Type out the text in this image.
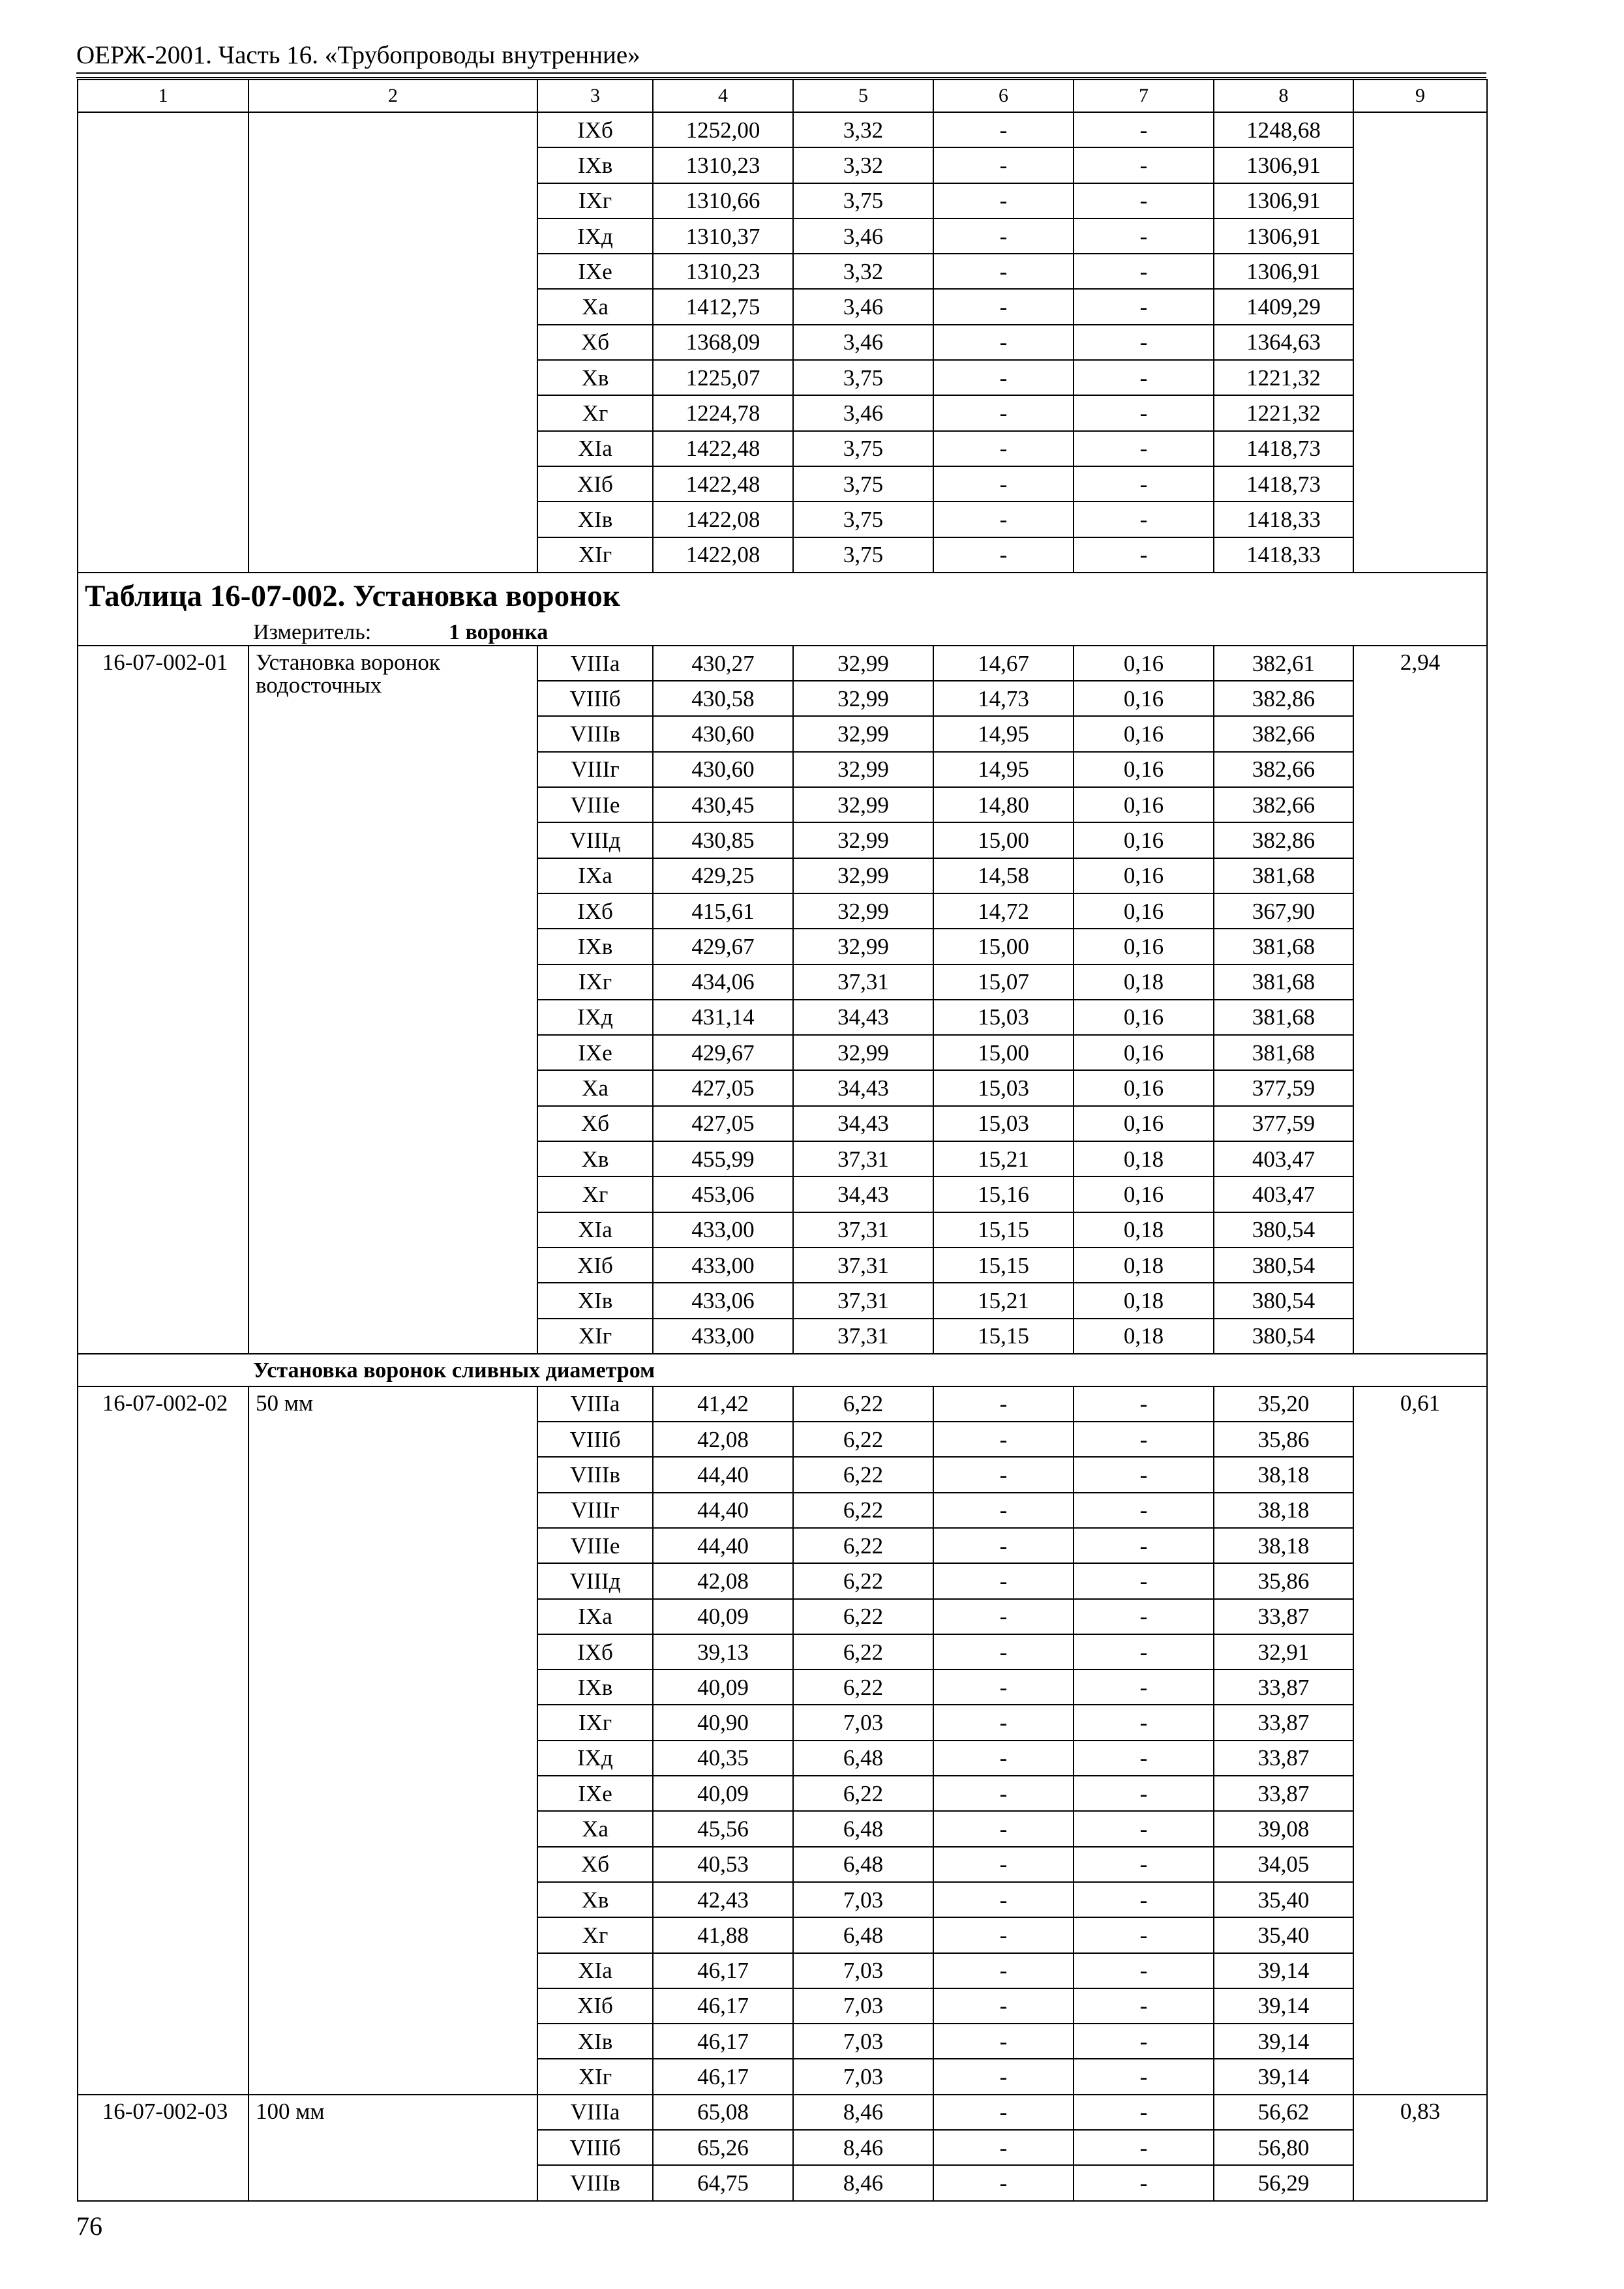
ОЕРЖ-2001. Часть 16. «Трубопроводы внутренние»
1	2	3	4	5	6	7	8	9
		IXб	1252,00	3,32	-	-	1248,68	
		IXв	1310,23	3,32	-	-	1306,91	
		IXг	1310,66	3,75	-	-	1306,91	
		IXд	1310,37	3,46	-	-	1306,91	
		IXе	1310,23	3,32	-	-	1306,91	
		Xа	1412,75	3,46	-	-	1409,29	
		Xб	1368,09	3,46	-	-	1364,63	
		Xв	1225,07	3,75	-	-	1221,32	
		Xг	1224,78	3,46	-	-	1221,32	
		XIа	1422,48	3,75	-	-	1418,73	
		XIб	1422,48	3,75	-	-	1418,73	
		XIв	1422,08	3,75	-	-	1418,33	
		XIг	1422,08	3,75	-	-	1418,33	

Таблица 16-07-002. Установка воронок								

Измеритель: 1 воронка								

16-07-002-01	Установка воронок водосточных	VIIIа	430,27	32,99	14,67	0,16	382,61	2,94
		VIIIб	430,58	32,99	14,73	0,16	382,86	
		VIIIв	430,60	32,99	14,95	0,16	382,66	
		VIIIг	430,60	32,99	14,95	0,16	382,66	
		VIIIе	430,45	32,99	14,80	0,16	382,66	
		VIIIд	430,85	32,99	15,00	0,16	382,86	
		IXа	429,25	32,99	14,58	0,16	381,68	
		IXб	415,61	32,99	14,72	0,16	367,90	
		IXв	429,67	32,99	15,00	0,16	381,68	
		IXг	434,06	37,31	15,07	0,18	381,68	
		IXд	431,14	34,43	15,03	0,16	381,68	
		IXе	429,67	32,99	15,00	0,16	381,68	
		Xа	427,05	34,43	15,03	0,16	377,59	
		Xб	427,05	34,43	15,03	0,16	377,59	
		Xв	455,99	37,31	15,21	0,18	403,47	
		Xг	453,06	34,43	15,16	0,16	403,47	
		XIа	433,00	37,31	15,15	0,18	380,54	
		XIб	433,00	37,31	15,15	0,18	380,54	
		XIв	433,06	37,31	15,21	0,18	380,54	
		XIг	433,00	37,31	15,15	0,18	380,54	

Установка воронок сливных диаметром								

16-07-002-02	50 мм	VIIIа	41,42	6,22	-	-	35,20	0,61
		VIIIб	42,08	6,22	-	-	35,86	
		VIIIв	44,40	6,22	-	-	38,18	
		VIIIг	44,40	6,22	-	-	38,18	
		VIIIе	44,40	6,22	-	-	38,18	
		VIIIд	42,08	6,22	-	-	35,86	
		IXа	40,09	6,22	-	-	33,87	
		IXб	39,13	6,22	-	-	32,91	
		IXв	40,09	6,22	-	-	33,87	
		IXг	40,90	7,03	-	-	33,87	
		IXд	40,35	6,48	-	-	33,87	
		IXе	40,09	6,22	-	-	33,87	
		Xа	45,56	6,48	-	-	39,08	
		Xб	40,53	6,48	-	-	34,05	
		Xв	42,43	7,03	-	-	35,40	
		Xг	41,88	6,48	-	-	35,40	
		XIа	46,17	7,03	-	-	39,14	
		XIб	46,17	7,03	-	-	39,14	
		XIв	46,17	7,03	-	-	39,14	
		XIг	46,17	7,03	-	-	39,14	
16-07-002-03	100 мм	VIIIа	65,08	8,46	-	-	56,62	0,83
		VIIIб	65,26	8,46	-	-	56,80	
		VIIIв	64,75	8,46	-	-	56,29	
76
